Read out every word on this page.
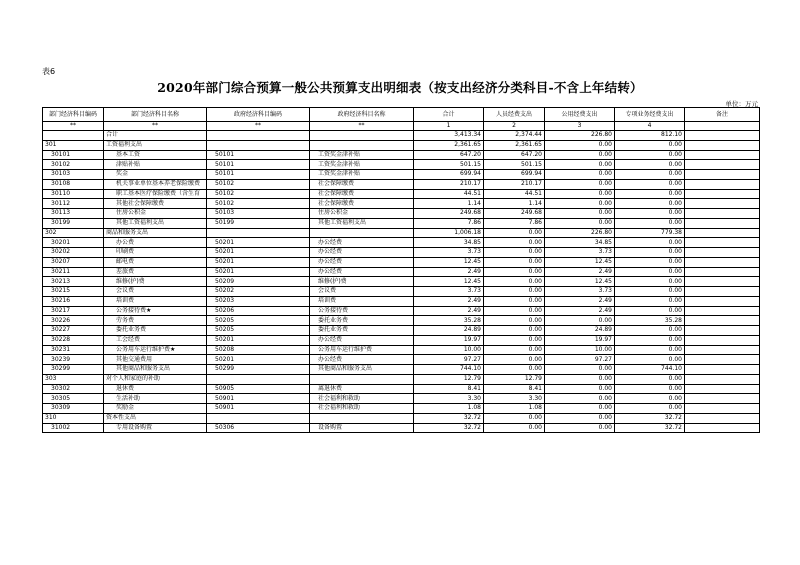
表6
2020年部门综合预算一般公共预算支出明细表（按支出经济分类科目-不含上年结转）
单位：万元
部门经济科目编码	部门经济科目名称	政府经济科目编码	政府经济科目名称	合计	人员经费支出	公用经费支出	专项业务经费支出	备注
**	**	**	**	1	2	3	4	
	合计			3,413.34	2,374.44	226.80	812.10	
301	工资福利支出			2,361.65	2,361.65	0.00	0.00	
30101	基本工资	50101	工资奖金津补贴	647.20	647.20	0.00	0.00	
30102	津贴补贴	50101	工资奖金津补贴	501.15	501.15	0.00	0.00	
30103	奖金	50101	工资奖金津补贴	699.94	699.94	0.00	0.00	
30108	机关事业单位基本养老保险缴费	50102	社会保障缴费	210.17	210.17	0.00	0.00	
30110	职工基本医疗保险缴费（含生育	50102	社会保障缴费	44.51	44.51	0.00	0.00	
30112	其他社会保障缴费	50102	社会保障缴费	1.14	1.14	0.00	0.00	
30113	住房公积金	50103	住房公积金	249.68	249.68	0.00	0.00	
30199	其他工资福利支出	50199	其他工资福利支出	7.86	7.86	0.00	0.00	
302	商品和服务支出			1,006.18	0.00	226.80	779.38	
30201	办公费	50201	办公经费	34.85	0.00	34.85	0.00	
30202	印刷费	50201	办公经费	3.73	0.00	3.73	0.00	
30207	邮电费	50201	办公经费	12.45	0.00	12.45	0.00	
30211	差旅费	50201	办公经费	2.49	0.00	2.49	0.00	
30213	维修(护)费	50209	维修(护)费	12.45	0.00	12.45	0.00	
30215	会议费	50202	会议费	3.73	0.00	3.73	0.00	
30216	培训费	50203	培训费	2.49	0.00	2.49	0.00	
30217	公务接待费★	50206	公务接待费	2.49	0.00	2.49	0.00	
30226	劳务费	50205	委托业务费	35.28	0.00	0.00	35.28	
30227	委托业务费	50205	委托业务费	24.89	0.00	24.89	0.00	
30228	工会经费	50201	办公经费	19.97	0.00	19.97	0.00	
30231	公务用车运行维护费★	50208	公务用车运行维护费	10.00	0.00	10.00	0.00	
30239	其他交通费用	50201	办公经费	97.27	0.00	97.27	0.00	
30299	其他商品和服务支出	50299	其他商品和服务支出	744.10	0.00	0.00	744.10	
303	对个人和家庭的补助			12.79	12.79	0.00	0.00	
30302	退休费	50905	离退休费	8.41	8.41	0.00	0.00	
30305	生活补助	50901	社会福利和救助	3.30	3.30	0.00	0.00	
30309	奖励金	50901	社会福利和救助	1.08	1.08	0.00	0.00	
310	资本性支出			32.72	0.00	0.00	32.72	
31002	专用设备购置	50306	设备购置	32.72	0.00	0.00	32.72	
